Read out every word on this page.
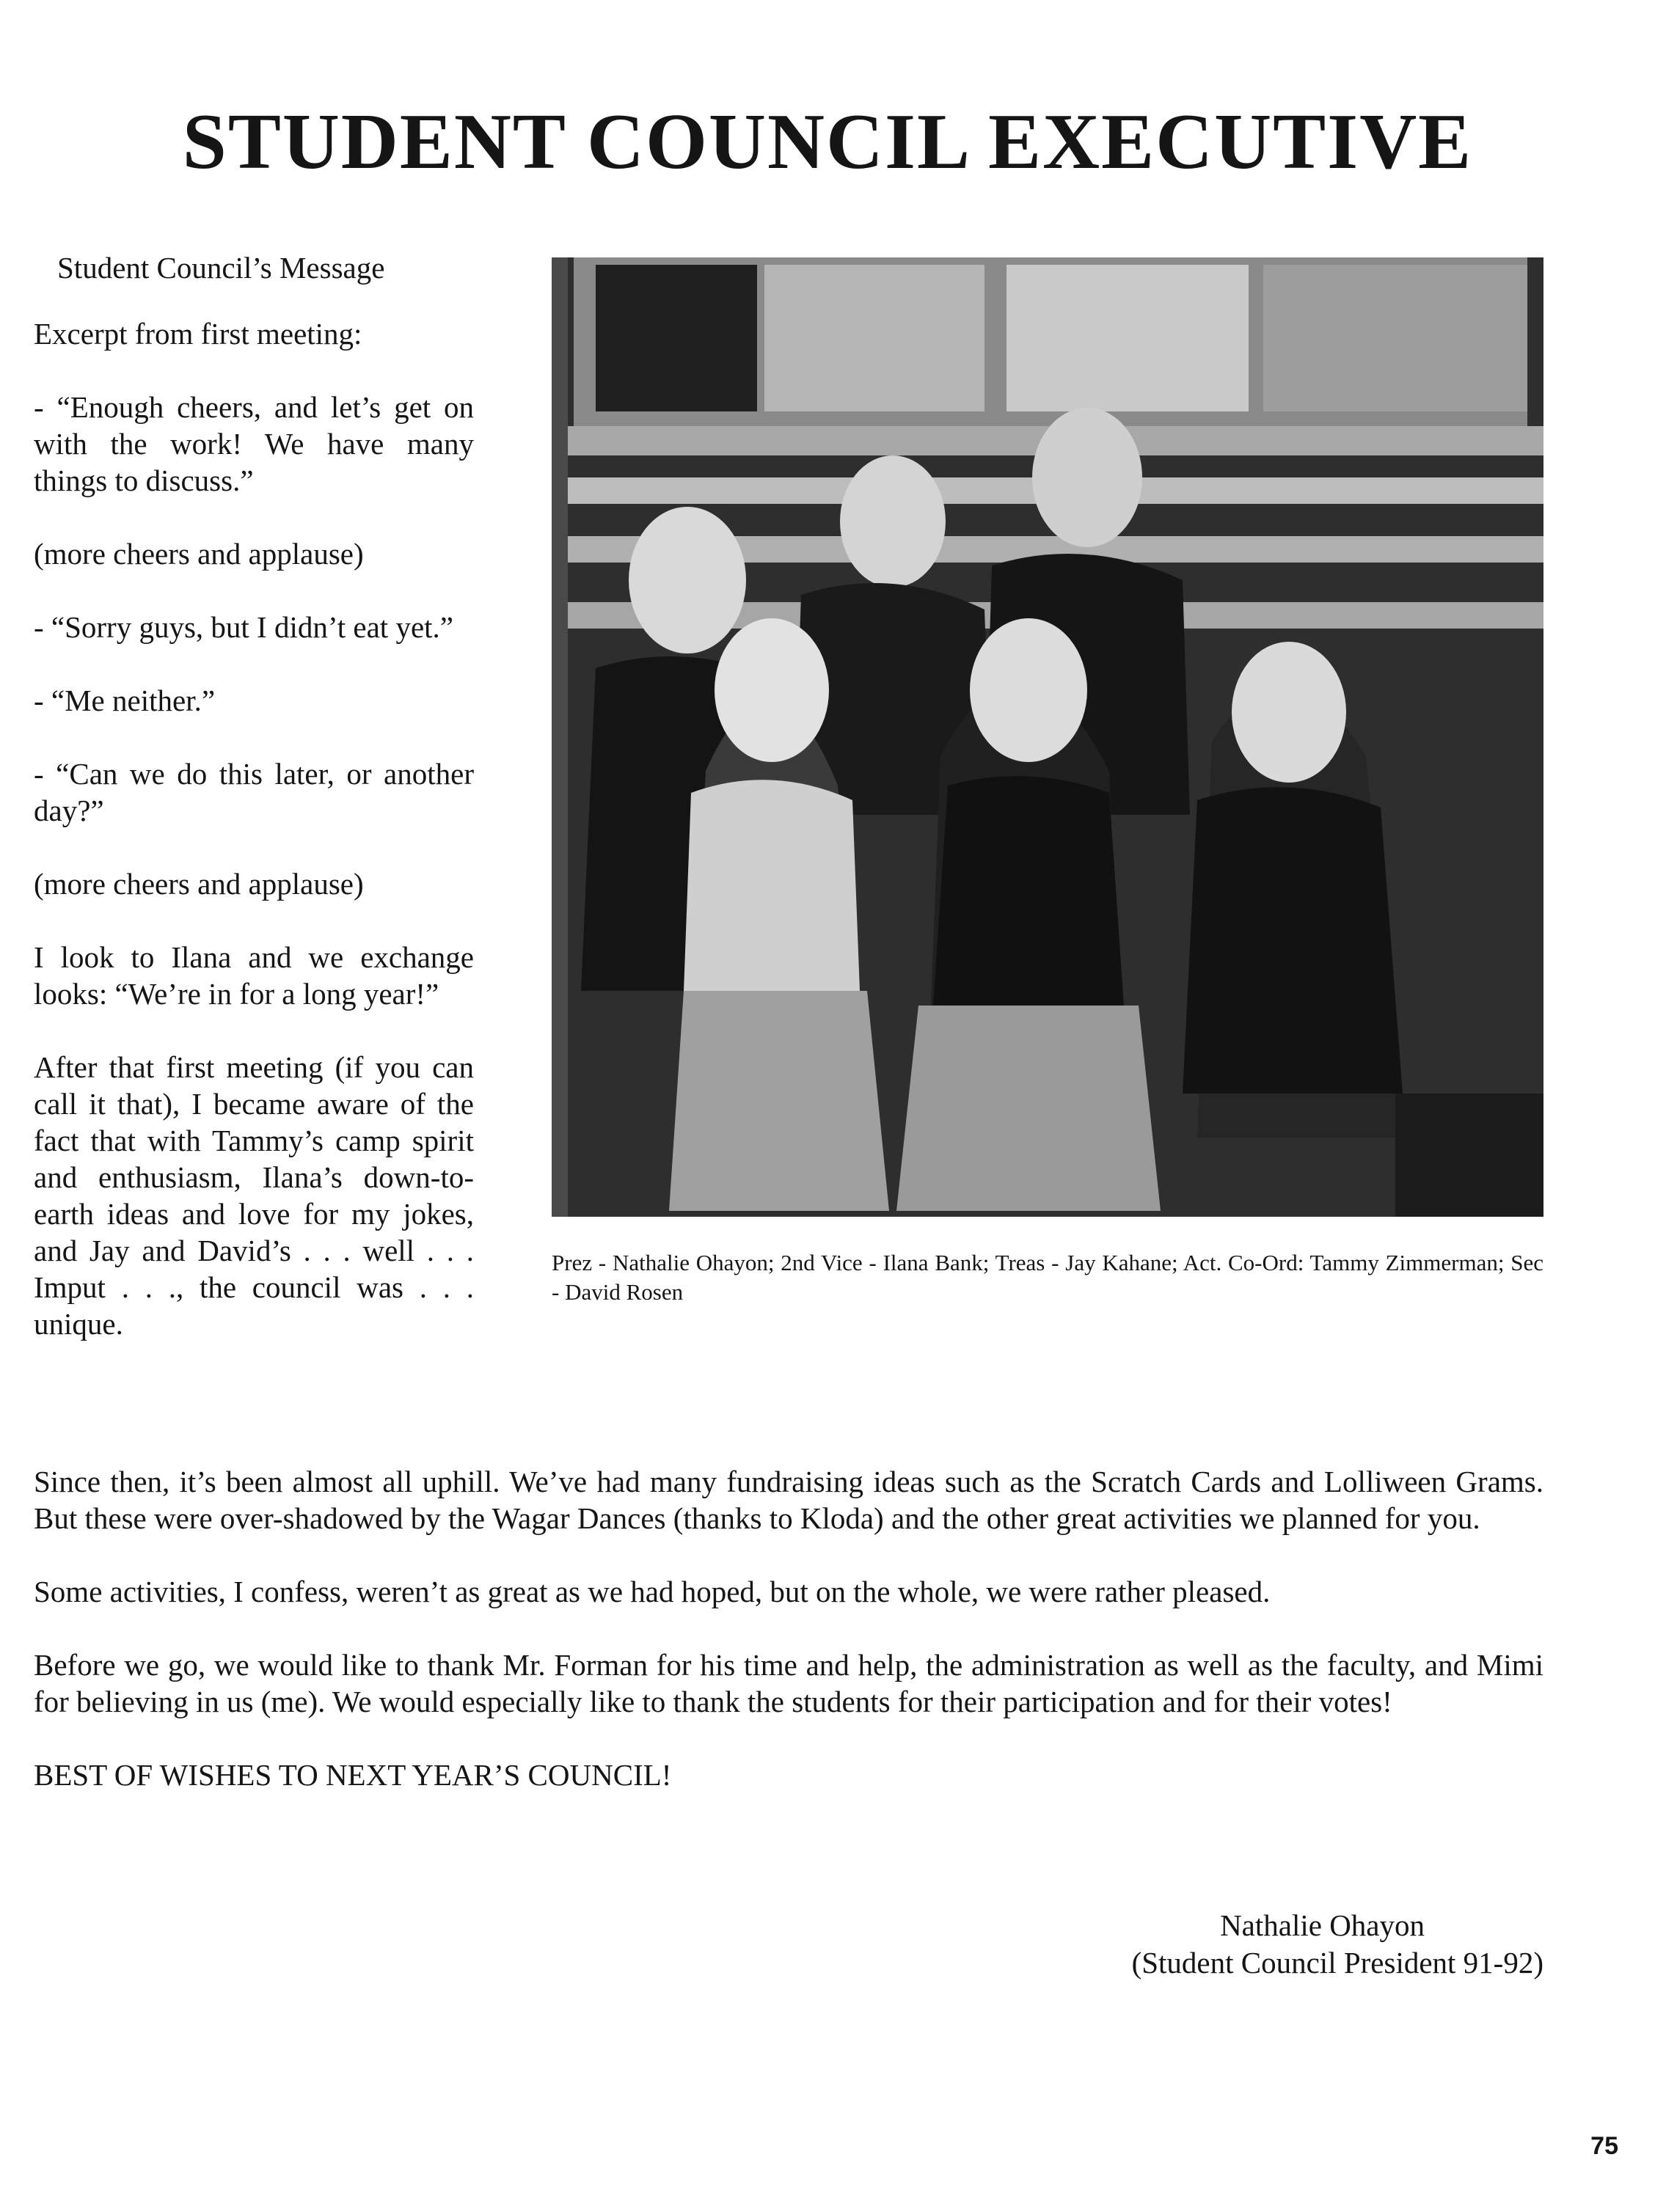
STUDENT COUNCIL EXECUTIVE

Student Council’s Message

Excerpt from first meeting:

- “Enough cheers, and let’s get on with the work! We have many things to discuss.”

(more cheers and applause)

- “Sorry guys, but I didn’t eat yet.”

- “Me neither.”

- “Can we do this later, or another day?”

(more cheers and applause)

I look to Ilana and we exchange looks: “We’re in for a long year!”

After that first meeting (if you can call it that), I became aware of the fact that with Tammy’s camp spirit and enthusiasm, Ilana’s down-to-earth ideas and love for my jokes, and Jay and David’s . . . well . . . Imput . . ., the council was . . . unique.

Prez - Nathalie Ohayon; 2nd Vice - Ilana Bank; Treas - Jay Kahane; Act. Co-Ord: Tammy Zimmerman; Sec - David Rosen

Since then, it’s been almost all uphill. We’ve had many fundraising ideas such as the Scratch Cards and Lolliween Grams. But these were over-shadowed by the Wagar Dances (thanks to Kloda) and the other great activities we planned for you.

Some activities, I confess, weren’t as great as we had hoped, but on the whole, we were rather pleased.

Before we go, we would like to thank Mr. Forman for his time and help, the administration as well as the faculty, and Mimi for believing in us (me). We would especially like to thank the students for their participation and for their votes!

BEST OF WISHES TO NEXT YEAR’S COUNCIL!

Nathalie Ohayon
(Student Council President 91-92)
75
